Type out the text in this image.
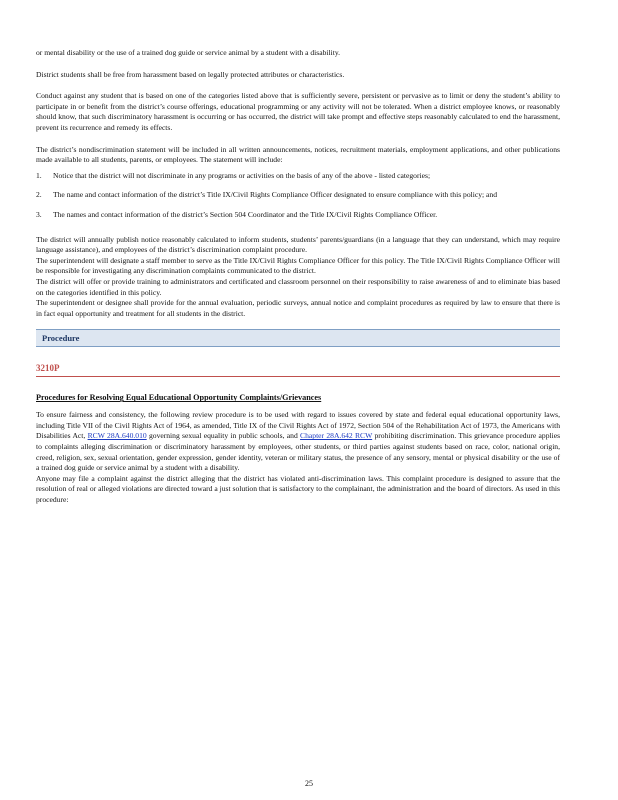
or mental disability or the use of a trained dog guide or service animal by a student with a disability.

District students shall be free from harassment based on legally protected attributes or characteristics.

Conduct against any student that is based on one of the categories listed above that is sufficiently severe, persistent or pervasive as to limit or deny the student’s ability to participate in or benefit from the district’s course offerings, educational programming or any activity will not be tolerated. When a district employee knows, or reasonably should know, that such discriminatory harassment is occurring or has occurred, the district will take prompt and effective steps reasonably calculated to end the harassment, prevent its recurrence and remedy its effects.

The district’s nondiscrimination statement will be included in all written announcements, notices, recruitment materials, employment applications, and other publications made available to all students, parents, or employees. The statement will include:

1. Notice that the district will not discriminate in any programs or activities on the basis of any of the above - listed categories;
2. The name and contact information of the district’s Title IX/Civil Rights Compliance Officer designated to ensure compliance with this policy; and
3. The names and contact information of the district’s Section 504 Coordinator and the Title IX/Civil Rights Compliance Officer.

The district will annually publish notice reasonably calculated to inform students, students’ parents/guardians (in a language that they can understand, which may require language assistance), and employees of the district’s discrimination complaint procedure.

The superintendent will designate a staff member to serve as the Title IX/Civil Rights Compliance Officer for this policy. The Title IX/Civil Rights Compliance Officer will be responsible for investigating any discrimination complaints communicated to the district.

The district will offer or provide training to administrators and certificated and classroom personnel on their responsibility to raise awareness of and to eliminate bias based on the categories identified in this policy.

The superintendent or designee shall provide for the annual evaluation, periodic surveys, annual notice and complaint procedures as required by law to ensure that there is in fact equal opportunity and treatment for all students in the district.

Procedure
3210P
Procedures for Resolving Equal Educational Opportunity Complaints/Grievances

To ensure fairness and consistency, the following review procedure is to be used with regard to issues covered by state and federal equal educational opportunity laws, including Title VII of the Civil Rights Act of 1964, as amended, Title IX of the Civil Rights Act of 1972, Section 504 of the Rehabilitation Act of 1973, the Americans with Disabilities Act, RCW 28A.640.010 governing sexual equality in public schools, and Chapter 28A.642 RCW prohibiting discrimination. This grievance procedure applies to complaints alleging discrimination or discriminatory harassment by employees, other students, or third parties against students based on race, color, national origin, creed, religion, sex, sexual orientation, gender expression, gender identity, veteran or military status, the presence of any sensory, mental or physical disability or the use of a trained dog guide or service animal by a student with a disability.

Anyone may file a complaint against the district alleging that the district has violated anti-discrimination laws. This complaint procedure is designed to assure that the resolution of real or alleged violations are directed toward a just solution that is satisfactory to the complainant, the administration and the board of directors. As used in this procedure:

25
